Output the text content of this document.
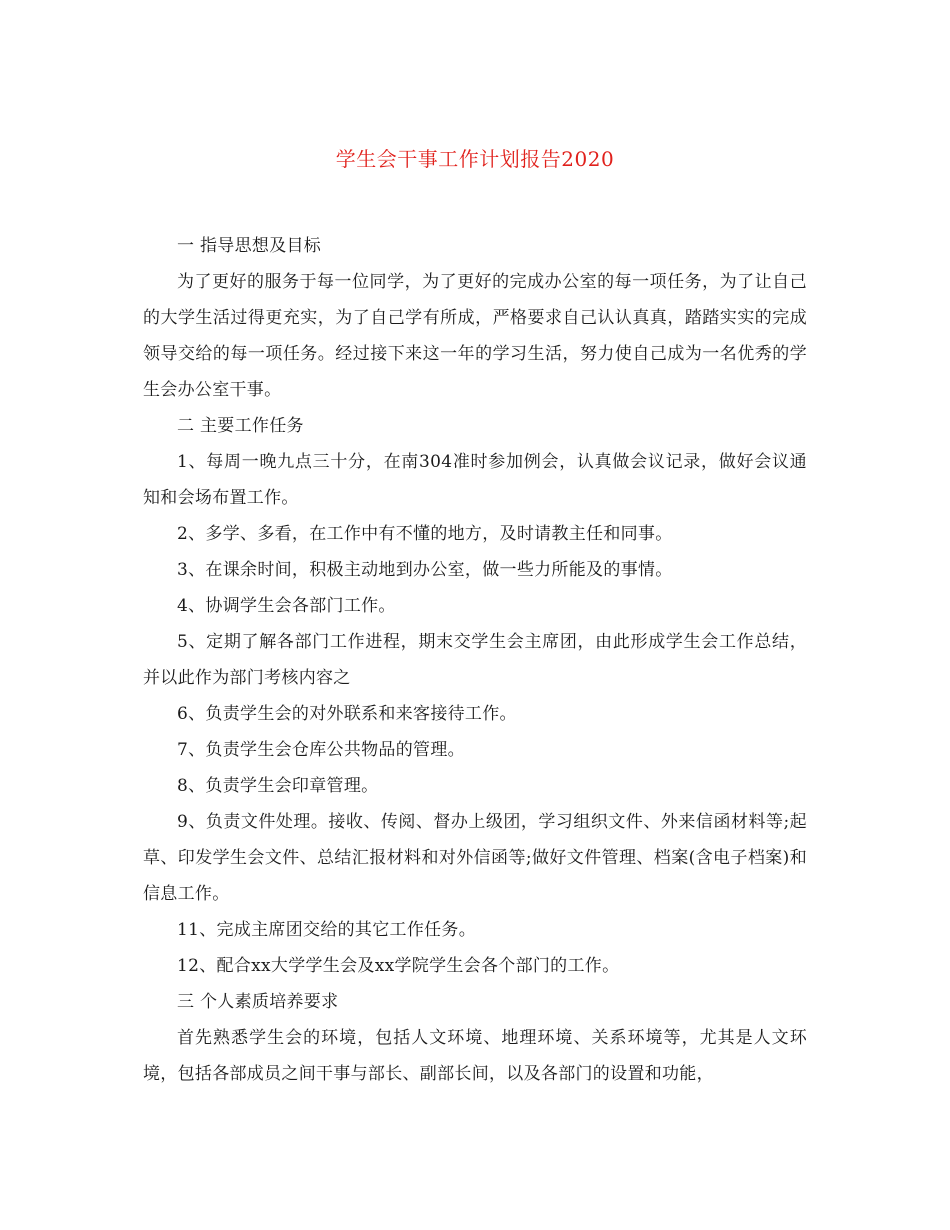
学生会干事工作计划报告2020

一 指导思想及目标

为了更好的服务于每一位同学，为了更好的完成办公室的每一项任务，为了让自己的大学生活过得更充实，为了自己学有所成，严格要求自己认认真真，踏踏实实的完成领导交给的每一项任务。经过接下来这一年的学习生活，努力使自己成为一名优秀的学生会办公室干事。

二 主要工作任务

1、每周一晚九点三十分，在南304准时参加例会，认真做会议记录，做好会议通知和会场布置工作。

2、多学、多看，在工作中有不懂的地方，及时请教主任和同事。

3、在课余时间，积极主动地到办公室，做一些力所能及的事情。

4、协调学生会各部门工作。

5、定期了解各部门工作进程，期末交学生会主席团，由此形成学生会工作总结，并以此作为部门考核内容之

6、负责学生会的对外联系和来客接待工作。

7、负责学生会仓库公共物品的管理。

8、负责学生会印章管理。

9、负责文件处理。接收、传阅、督办上级团，学习组织文件、外来信函材料等;起草、印发学生会文件、总结汇报材料和对外信函等;做好文件管理、档案(含电子档案)和信息工作。

11、完成主席团交给的其它工作任务。

12、配合xx大学学生会及xx学院学生会各个部门的工作。

三 个人素质培养要求

首先熟悉学生会的环境，包括人文环境、地理环境、关系环境等，尤其是人文环境，包括各部成员之间干事与部长、副部长间，以及各部门的设置和功能，
